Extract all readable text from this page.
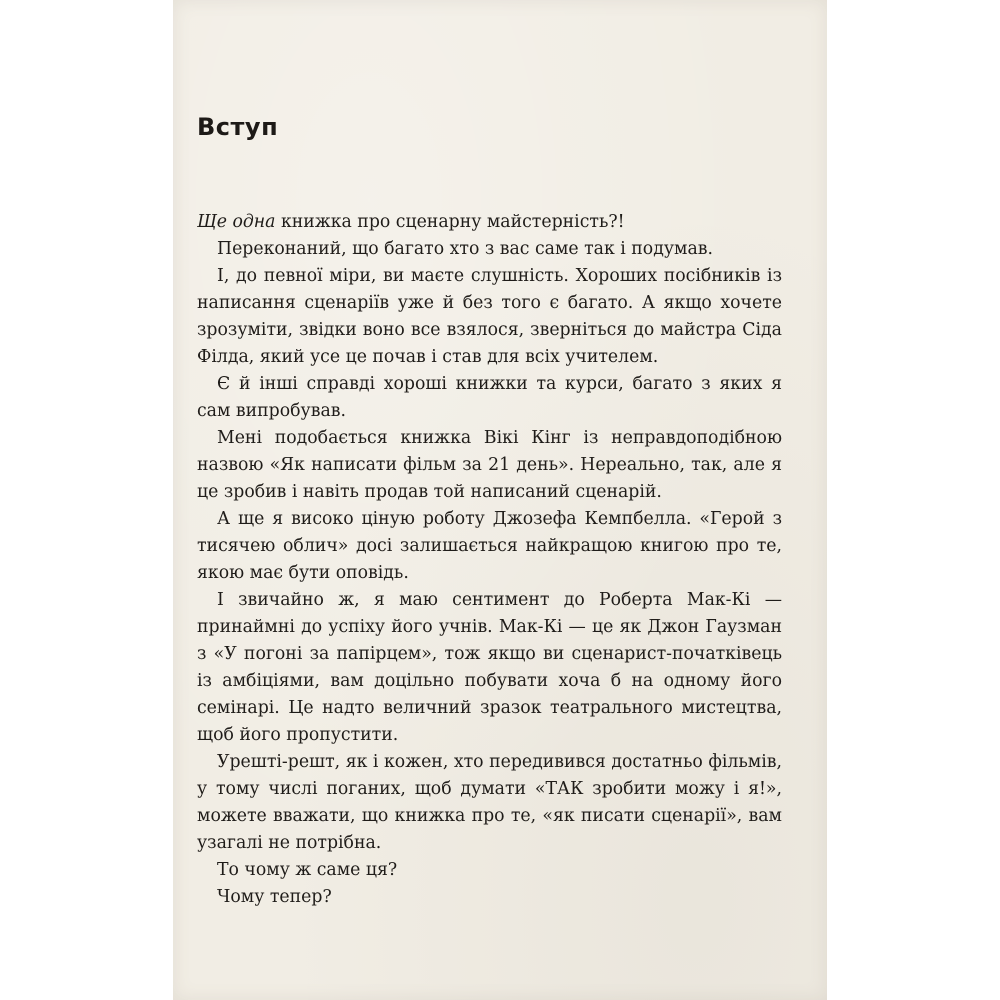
Вступ

Ще одна книжка про сценарну майстерність?!

Переконаний, що багато хто з вас саме так і подумав.

І, до певної міри, ви маєте слушність. Хороших посібників із написання сценаріїв уже й без того є багато. А якщо хочете зрозуміти, звідки воно все взялося, зверніться до майстра Сіда Філда, який усе це почав і став для всіх учителем.

Є й інші справді хороші книжки та курси, багато з яких я сам випробував.

Мені подобається книжка Вікі Кінг із неправдоподібною назвою «Як написати фільм за 21 день». Нереально, так, але я це зробив і навіть продав той написаний сценарій.

А ще я високо ціную роботу Джозефа Кемпбелла. «Герой з тисячею облич» досі залишається найкращою книгою про те, якою має бути оповідь.

І звичайно ж, я маю сентимент до Роберта Мак-Кі — принаймні до успіху його учнів. Мак-Кі — це як Джон Гаузман з «У погоні за папірцем», тож якщо ви сценарист-початківець із амбіціями, вам доцільно побувати хоча б на одному його семінарі. Це надто величний зразок театрального мистецтва, щоб його пропустити.

Урешті-решт, як і кожен, хто передивився достатньо фільмів, у тому числі поганих, щоб думати «ТАК зробити можу і я!», можете вважати, що книжка про те, «як писати сценарії», вам узагалі не потрібна.

То чому ж саме ця?

Чому тепер?
